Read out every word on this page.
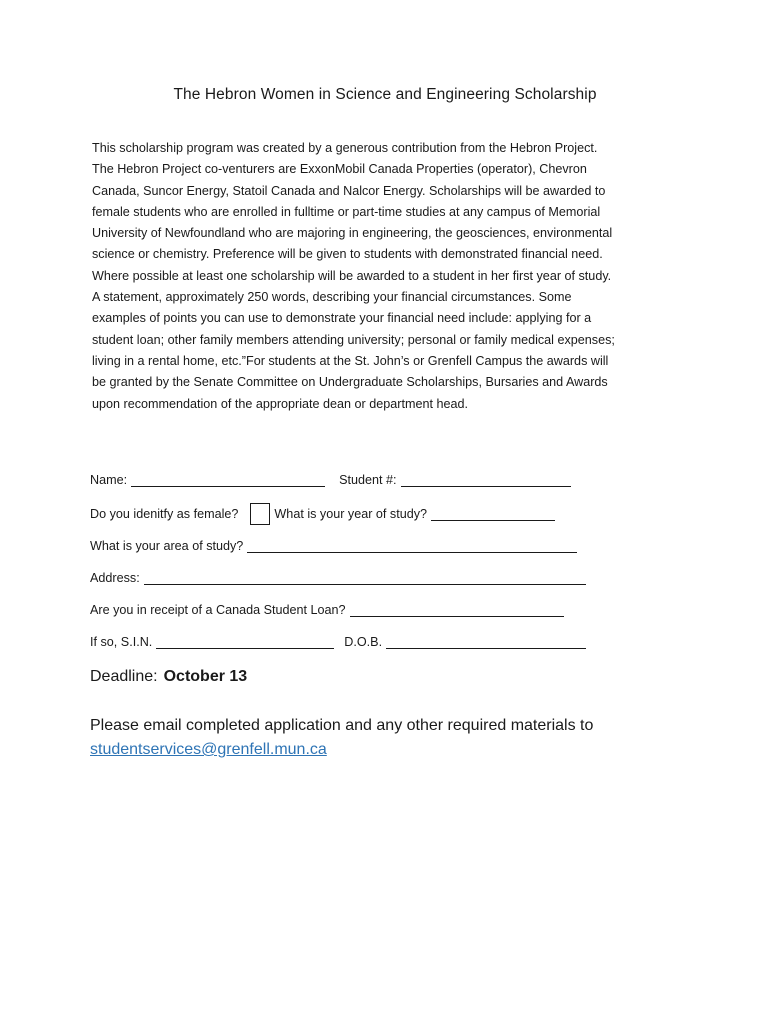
The Hebron Women in Science and Engineering Scholarship
This scholarship program was created by a generous contribution from the Hebron Project.
The Hebron Project co-venturers are ExxonMobil Canada Properties (operator), Chevron
Canada, Suncor Energy, Statoil Canada and Nalcor Energy. Scholarships will be awarded to
female students who are enrolled in fulltime or part-time studies at any campus of Memorial
University of Newfoundland who are majoring in engineering, the geosciences, environmental
science or chemistry. Preference will be given to students with demonstrated financial need.
Where possible at least one scholarship will be awarded to a student in her first year of study.
A statement, approximately 250 words, describing your financial circumstances. Some
examples of points you can use to demonstrate your financial need include: applying for a
student loan; other family members attending university; personal or family medical expenses;
living in a rental home, etc.”For students at the St. John’s or Grenfell Campus the awards will
be granted by the Senate Committee on Undergraduate Scholarships, Bursaries and Awards
upon recommendation of the appropriate dean or department head.
Name:	Student #:
Do you idenitfy as female?	What is your year of study?
What is your area of study?
Address:
Are you in receipt of a Canada Student Loan?
If so, S.I.N.	D.O.B.
Deadline: October 13
Please email completed application and any other required materials to
studentservices@grenfell.mun.ca
